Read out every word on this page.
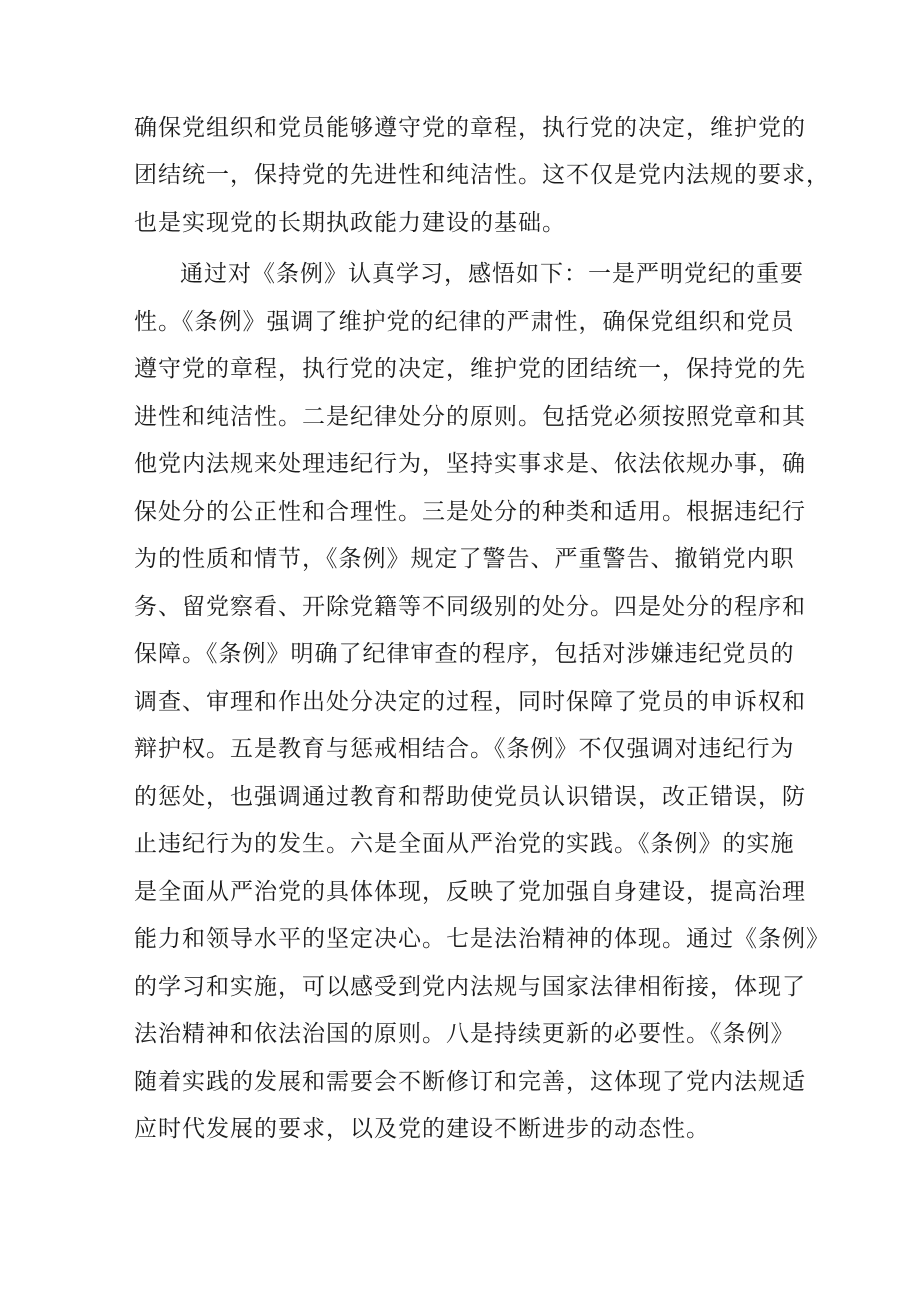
确保党组织和党员能够遵守党的章程，执行党的决定，维护党的
团结统一，保持党的先进性和纯洁性。这不仅是党内法规的要求，
也是实现党的长期执政能力建设的基础。
通过对《条例》认真学习，感悟如下：一是严明党纪的重要
性。《条例》强调了维护党的纪律的严肃性，确保党组织和党员
遵守党的章程，执行党的决定，维护党的团结统一，保持党的先
进性和纯洁性。二是纪律处分的原则。包括党必须按照党章和其
他党内法规来处理违纪行为，坚持实事求是、依法依规办事，确
保处分的公正性和合理性。三是处分的种类和适用。根据违纪行
为的性质和情节，《条例》规定了警告、严重警告、撤销党内职
务、留党察看、开除党籍等不同级别的处分。四是处分的程序和
保障。《条例》明确了纪律审查的程序，包括对涉嫌违纪党员的
调查、审理和作出处分决定的过程，同时保障了党员的申诉权和
辩护权。五是教育与惩戒相结合。《条例》不仅强调对违纪行为
的惩处，也强调通过教育和帮助使党员认识错误，改正错误，防
止违纪行为的发生。六是全面从严治党的实践。《条例》的实施
是全面从严治党的具体体现，反映了党加强自身建设，提高治理
能力和领导水平的坚定决心。七是法治精神的体现。通过《条例》
的学习和实施，可以感受到党内法规与国家法律相衔接，体现了
法治精神和依法治国的原则。八是持续更新的必要性。《条例》
随着实践的发展和需要会不断修订和完善，这体现了党内法规适
应时代发展的要求，以及党的建设不断进步的动态性。
